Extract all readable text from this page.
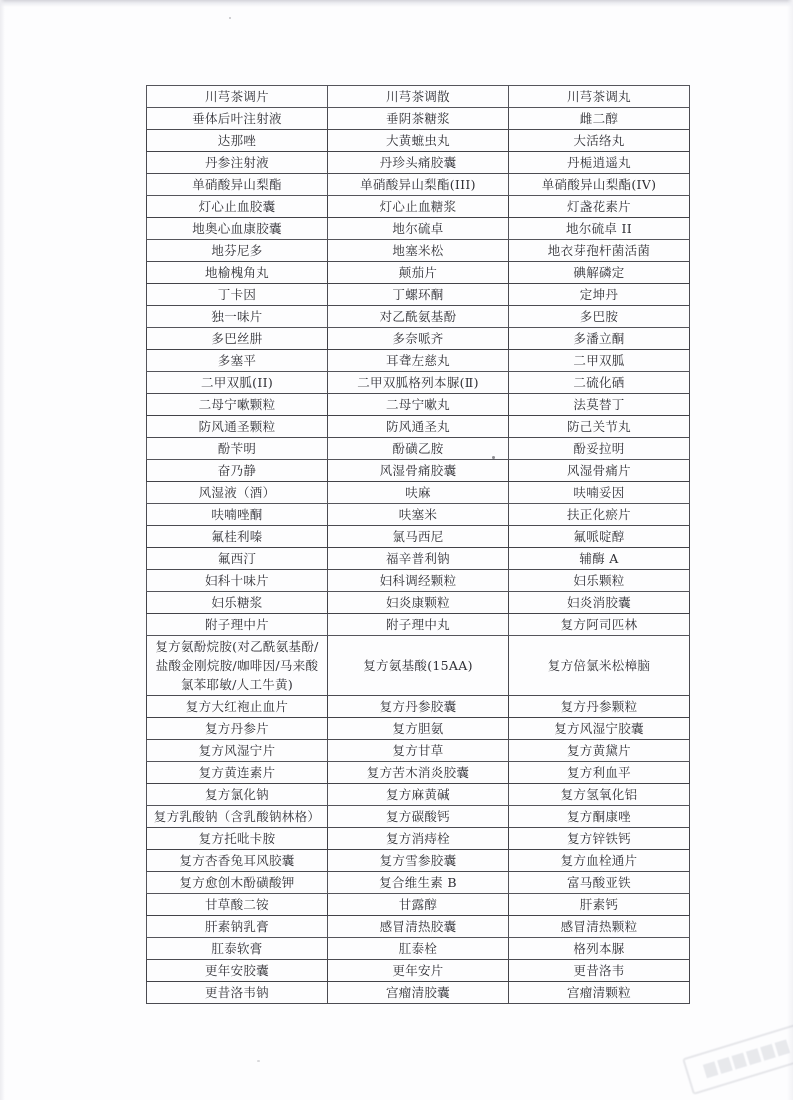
川芎茶调片	川芎茶调散	川芎茶调丸
垂体后叶注射液	垂阴茶糖浆	雌二醇
达那唑	大黄蟅虫丸	大活络丸
丹参注射液	丹珍头痛胶囊	丹栀逍遥丸
单硝酸异山梨酯	单硝酸异山梨酯(III)	单硝酸异山梨酯(IV)
灯心止血胶囊	灯心止血糖浆	灯盏花素片
地奥心血康胶囊	地尔硫卓	地尔硫卓 II
地芬尼多	地塞米松	地衣芽孢杆菌活菌
地榆槐角丸	颠茄片	碘解磷定
丁卡因	丁螺环酮	定坤丹
独一味片	对乙酰氨基酚	多巴胺
多巴丝肼	多奈哌齐	多潘立酮
多塞平	耳聋左慈丸	二甲双胍
二甲双胍(II)	二甲双胍格列本脲(Ⅱ)	二硫化硒
二母宁嗽颗粒	二母宁嗽丸	法莫替丁
防风通圣颗粒	防风通圣丸	防己关节丸
酚苄明	酚磺乙胺	酚妥拉明
奋乃静	风湿骨痛胶囊	风湿骨痛片
风湿液（酒）	呋麻	呋喃妥因
呋喃唑酮	呋塞米	扶正化瘀片
氟桂利嗪	氯马西尼	氟哌啶醇
氟西汀	福辛普利钠	辅酶 A
妇科十味片	妇科调经颗粒	妇乐颗粒
妇乐糖浆	妇炎康颗粒	妇炎消胶囊
附子理中片	附子理中丸	复方阿司匹林
复方氨酚烷胺(对乙酰氨基酚/盐酸金刚烷胺/咖啡因/马来酸氯苯耶敏/人工牛黄)	复方氨基酸(15AA)	复方倍氯米松樟脑
复方大红袍止血片	复方丹参胶囊	复方丹参颗粒
复方丹参片	复方胆氨	复方风湿宁胶囊
复方风湿宁片	复方甘草	复方黄黛片
复方黄连素片	复方苦木消炎胶囊	复方利血平
复方氯化钠	复方麻黄碱	复方氢氧化铝
复方乳酸钠（含乳酸钠林格）	复方碳酸钙	复方酮康唑
复方托吡卡胺	复方消痔栓	复方锌铁钙
复方杏香兔耳风胶囊	复方雪参胶囊	复方血栓通片
复方愈创木酚磺酸钾	复合维生素 B	富马酸亚铁
甘草酸二铵	甘露醇	肝素钙
肝素钠乳膏	感冒清热胶囊	感冒清热颗粒
肛泰软膏	肛泰栓	格列本脲
更年安胶囊	更年安片	更昔洛韦
更昔洛韦钠	宫瘤清胶囊	宫瘤清颗粒
